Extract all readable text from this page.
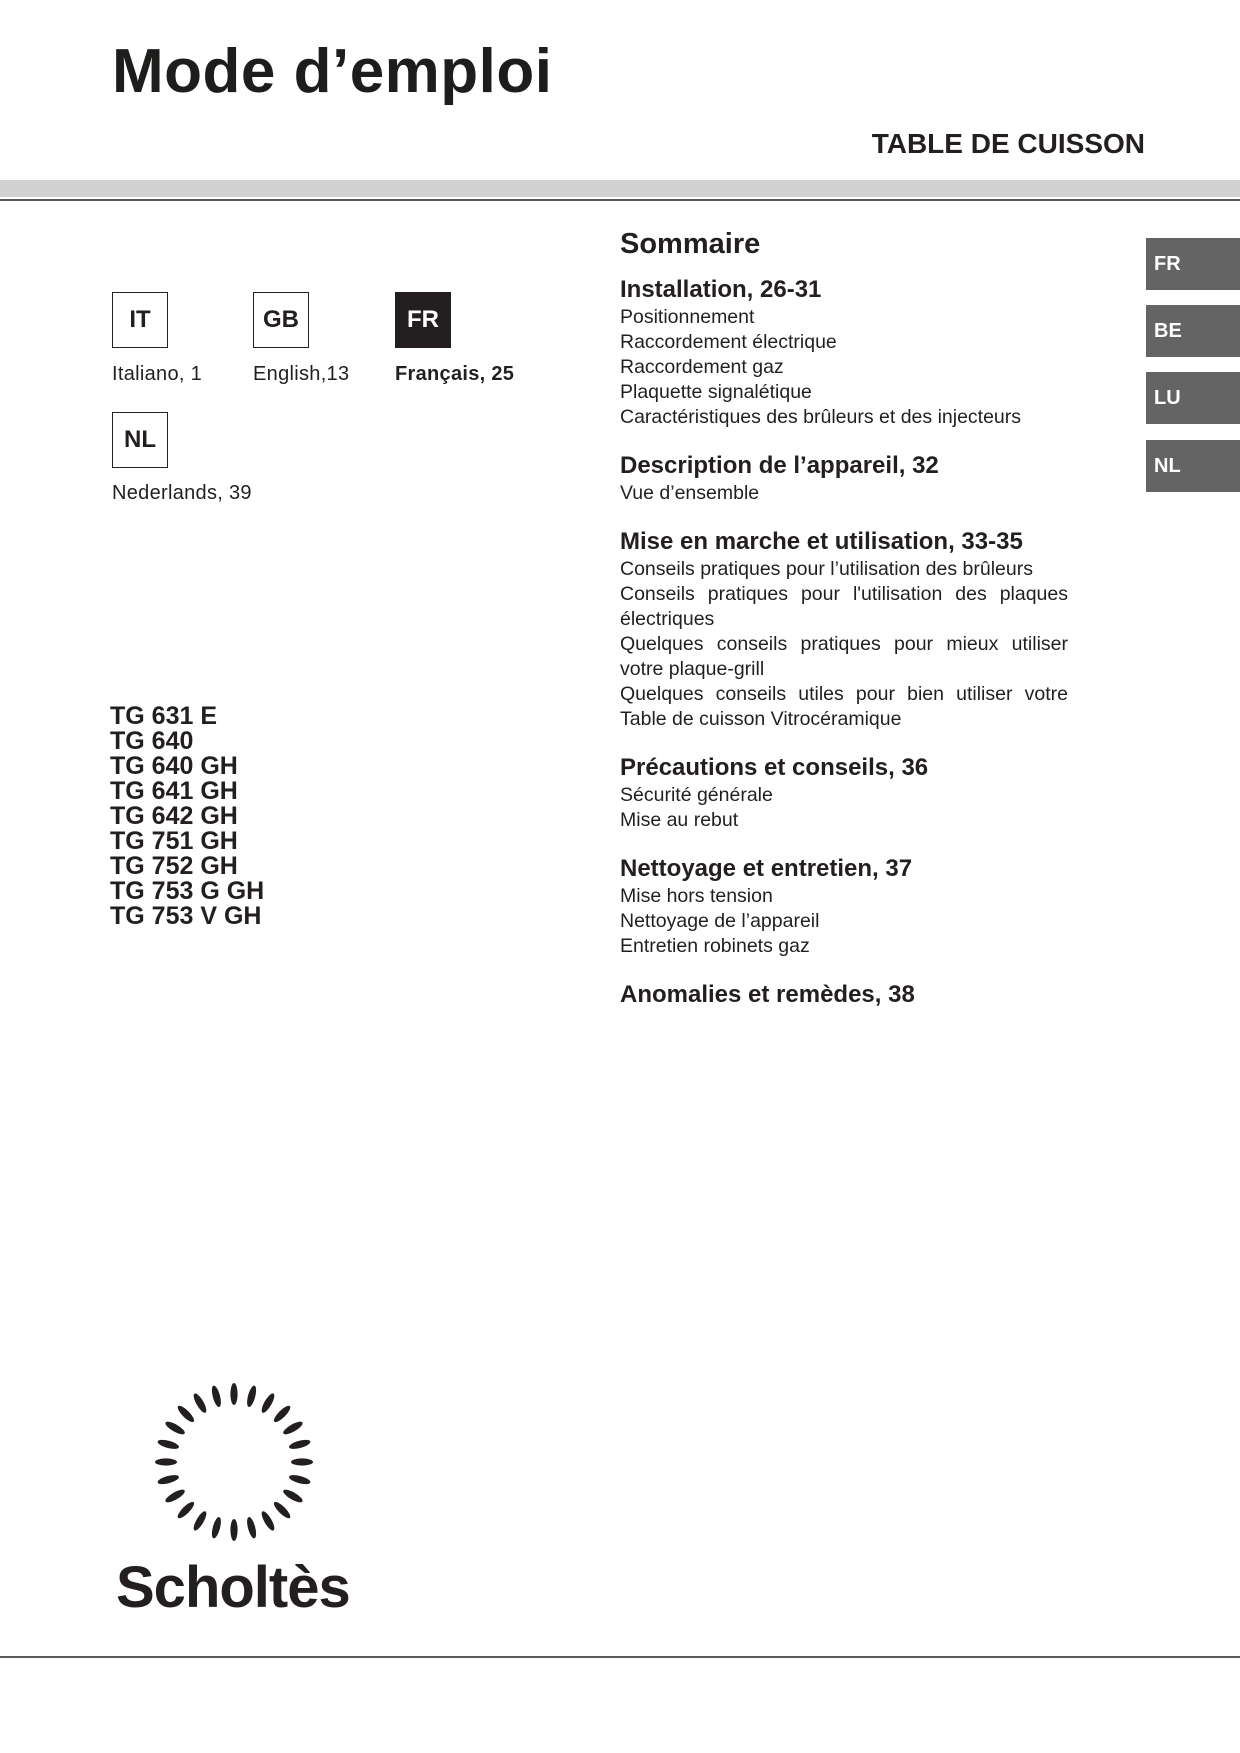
Mode d’emploi
TABLE DE CUISSON
IT
Italiano, 1
GB
English,13
FR
Français, 25
NL
Nederlands, 39
TG 631 E
TG 640
TG 640 GH
TG 641 GH
TG 642 GH
TG 751 GH
TG 752 GH
TG 753 G GH
TG 753 V GH
Sommaire
Installation, 26-31
Positionnement
Raccordement électrique
Raccordement gaz
Plaquette signalétique
Caractéristiques des brûleurs et des injecteurs
Description de l’appareil, 32
Vue d’ensemble
Mise en marche et utilisation, 33-35
Conseils pratiques pour l’utilisation des brûleurs
Conseils pratiques pour l'utilisation des plaques électriques
Quelques conseils pratiques pour mieux utiliser votre plaque-grill
Quelques conseils utiles pour bien utiliser votre Table de cuisson Vitrocéramique
Précautions et conseils, 36
Sécurité générale
Mise au rebut
Nettoyage et entretien, 37
Mise hors tension
Nettoyage de l’appareil
Entretien robinets gaz
Anomalies et remèdes, 38
FR
BE
LU
NL
Scholtès
